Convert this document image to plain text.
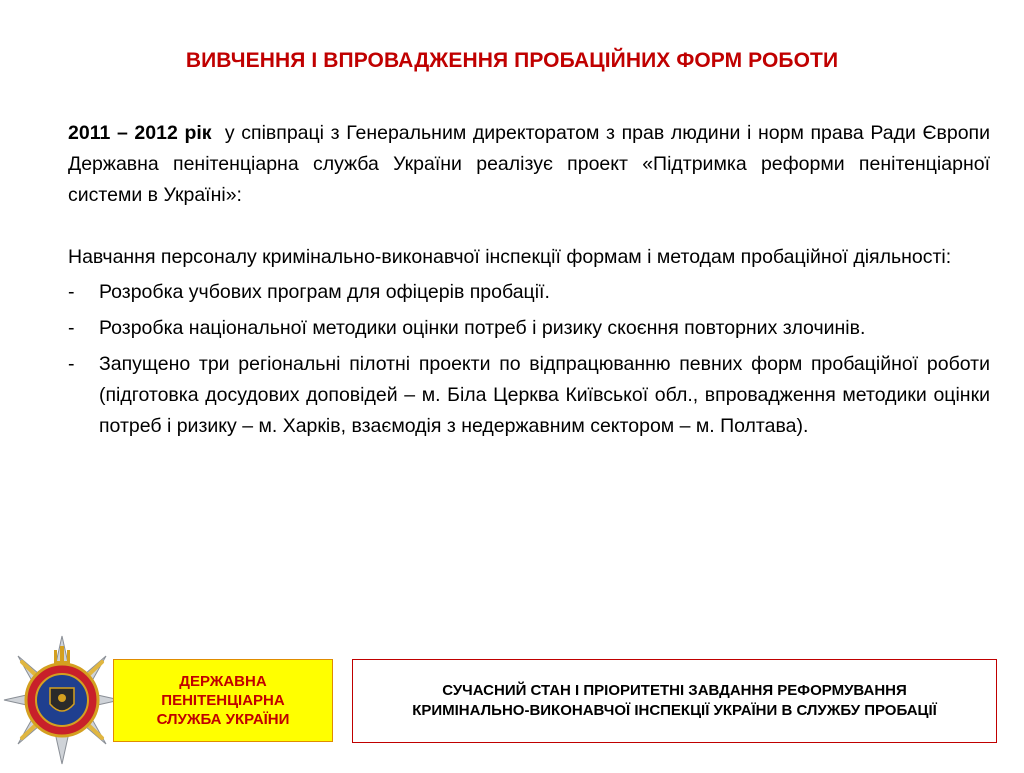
ВИВЧЕННЯ І ВПРОВАДЖЕННЯ ПРОБАЦІЙНИХ ФОРМ РОБОТИ

2011 – 2012 рік у співпраці з Генеральним директоратом з прав людини і норм права Ради Європи Державна пенітенціарна служба України реалізує проект «Підтримка реформи пенітенціарної системи в Україні»:

Навчання персоналу кримінально-виконавчої інспекції формам і методам пробаційної діяльності:

- Розробка учбових програм для офіцерів пробації.
- Розробка національної методики оцінки потреб і ризику скоєння повторних злочинів.
- Запущено три регіональні пілотні проекти по відпрацюванню певних форм пробаційної роботи (підготовка досудових доповідей – м. Біла Церква Київської обл., впровадження методики оцінки потреб і ризику – м. Харків, взаємодія з недержавним сектором – м. Полтава).
ДЕРЖАВНА
ПЕНІТЕНЦІАРНА
СЛУЖБА УКРАЇНИ
СУЧАСНИЙ СТАН І ПРІОРИТЕТНІ ЗАВДАННЯ РЕФОРМУВАННЯ
КРИМІНАЛЬНО-ВИКОНАВЧОЇ ІНСПЕКЦІЇ УКРАЇНИ В СЛУЖБУ ПРОБАЦІЇ
